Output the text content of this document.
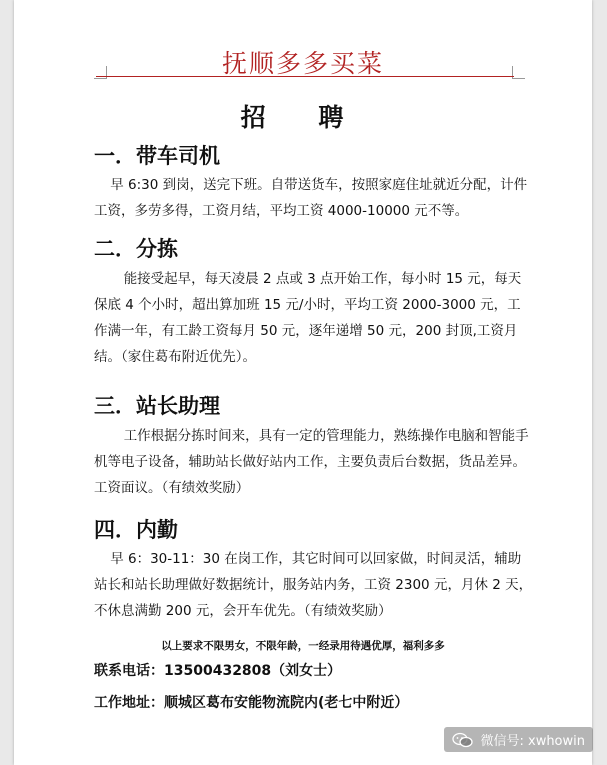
抚顺多多买菜
招 聘
一．带车司机
早 6:30 到岗，送完下班。自带送货车，按照家庭住址就近分配，计件工资，多劳多得，工资月结，平均工资 4000-10000 元不等。
二．分拣
能接受起早，每天凌晨 2 点或 3 点开始工作，每小时 15 元，每天保底 4 个小时，超出算加班 15 元/小时，平均工资 2000-3000 元，工作满一年，有工龄工资每月 50 元，逐年递增 50 元，200 封顶,工资月结。（家住葛布附近优先）。
三．站长助理
工作根据分拣时间来，具有一定的管理能力，熟练操作电脑和智能手机等电子设备，辅助站长做好站内工作，主要负责后台数据，货品差异。工资面议。（有绩效奖励）
四．内勤
早 6：30-11：30 在岗工作，其它时间可以回家做，时间灵活，辅助站长和站长助理做好数据统计，服务站内务，工资 2300 元，月休 2 天，不休息满勤 200 元，会开车优先。（有绩效奖励）
以上要求不限男女，不限年龄，一经录用待遇优厚，福利多多
联系电话：13500432808（刘女士）
工作地址：顺城区葛布安能物流院内(老七中附近）
微信号: xwhowin
